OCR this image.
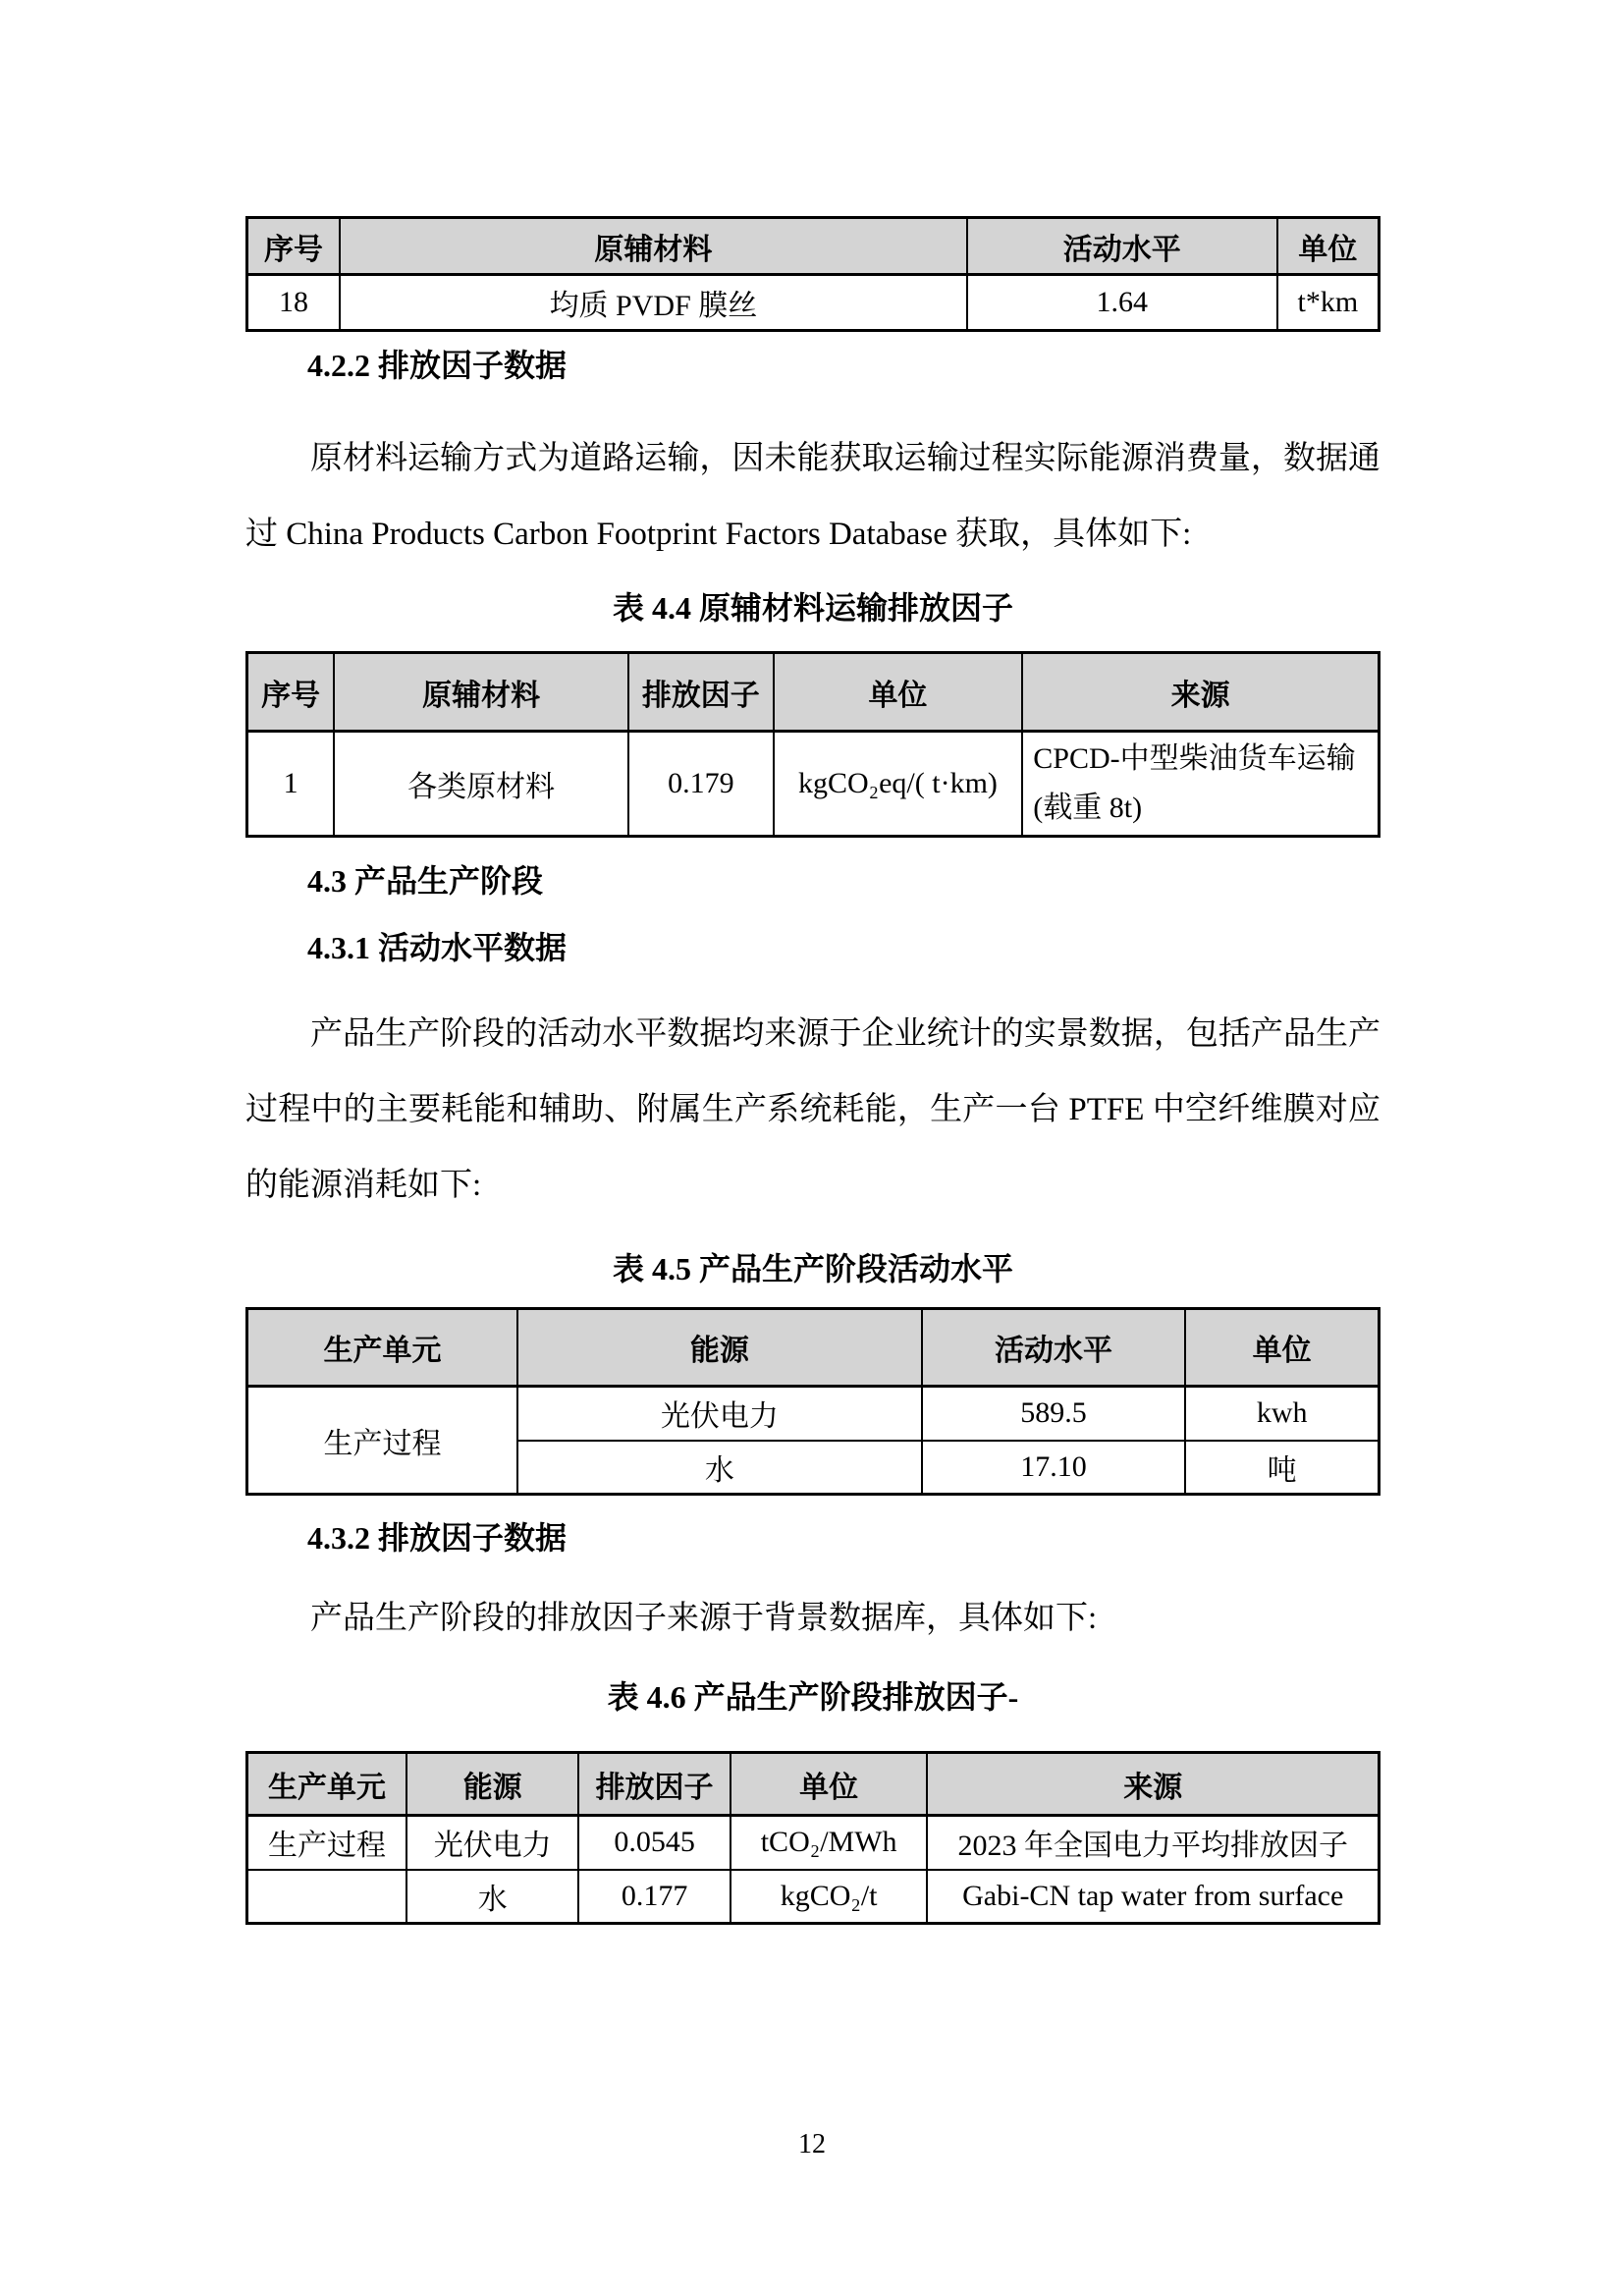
序号	原辅材料	活动水平	单位
18	均质 PVDF 膜丝	1.64	t*km
4.2.2 排放因子数据

原材料运输方式为道路运输，因未能获取运输过程实际能源消费量，数据通过 China Products Carbon Footprint Factors Database 获取，具体如下:

表 4.4 原辅材料运输排放因子
序号	原辅材料	排放因子	单位	来源
1	各类原材料	0.179	kgCO₂eq/( t·km)	CPCD-中型柴油货车运输(载重 8t)
4.3 产品生产阶段
4.3.1 活动水平数据

产品生产阶段的活动水平数据均来源于企业统计的实景数据，包括产品生产过程中的主要耗能和辅助、附属生产系统耗能，生产一台 PTFE 中空纤维膜对应的能源消耗如下:

表 4.5 产品生产阶段活动水平
生产单元	能源	活动水平	单位
生产过程	光伏电力	589.5	kwh
	水	17.10	吨
4.3.2 排放因子数据

产品生产阶段的排放因子来源于背景数据库，具体如下:

表 4.6 产品生产阶段排放因子-
生产单元	能源	排放因子	单位	来源
生产过程	光伏电力	0.0545	tCO₂/MWh	2023 年全国电力平均排放因子
	水	0.177	kgCO₂/t	Gabi-CN tap water from surface
12
